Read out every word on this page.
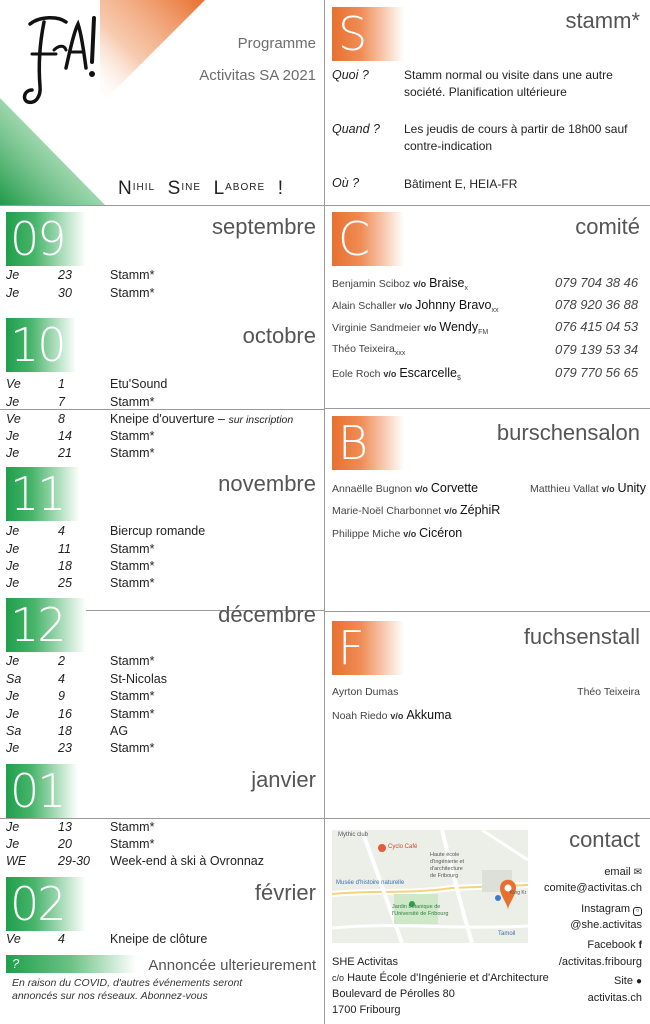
Programme
Activitas SA 2021
$N^{IHIL}$ $S^{INE}$ $L^{ABORE}$ !
09	septembre
Je	23	Stamm*
Je	30	Stamm*
10	octobre
Ve	1	Etu'Sound
Je	7	Stamm*
Ve	8	Kneipe d'ouverture – sur inscription
Je	14	Stamm*
Je	21	Stamm*
11	novembre
Je	4	Biercup romande
Je	11	Stamm*
Je	18	Stamm*
Je	25	Stamm*
12	décembre
Je	2	Stamm*
Sa	4	St-Nicolas
Je	9	Stamm*
Je	16	Stamm*
Sa	18	AG
Je	23	Stamm*
01	janvier
Je	13	Stamm*
Je	20	Stamm*
WE	29-30 Week-end à ski à Ovronnaz
02	février
Ve	4	Kneipe de clôture
?	Annoncée ulterieurement
En raison du COVID, d'autres événements seront
annoncés sur nos réseaux. Abonnez-vous
S	stamm*
Quoi ?	Stamm normal ou visite dans une autre société. Planification ultérieure
Quand ? Les jeudis de cours à partir de 18h00 sauf contre-indication
Où ?	Bâtiment E, HEIA-FR
C	comité
Benjamin Sciboz v/o Braise$_x$	079 704 38 46
Alain Schaller v/o Johnny Bravo$_{xx}$	078 920 36 88
Virginie Sandmeier v/o Wendy$_{FM}$	076 415 04 53
Théo Teixeira$_{xxx}$	079 139 53 34
Eole Roch v/o Escarcelle$_{\$}$	079 770 56 65
B	burschensalon
Annaëlle Bugnon v/o Corvette	Matthieu Vallat v/o Unity
Marie-Noël Charbonnet v/o ZéphiR
Philippe Miche v/o Cicéron
F	fuchsenstall
Ayrton Dumas	Théo Teixeira
Noah Riedo v/o Akkuma
Mythic club
Cyclo Café
Haute école
d'ingénierie et
d'architecture
de Fribourg
Musée d'histoire naturelle
Jardin botanique de
l'Université de Fribourg
Tamoil
King Kr
contact
email ✉
comite@activitas.ch
Instagram ○
@she.activitas
Facebook f
/activitas.fribourg
Site ●
activitas.ch
SHE Activitas
c/o Haute École d'Ingénierie et d'Architecture
Boulevard de Pérolles 80
1700 Fribourg
